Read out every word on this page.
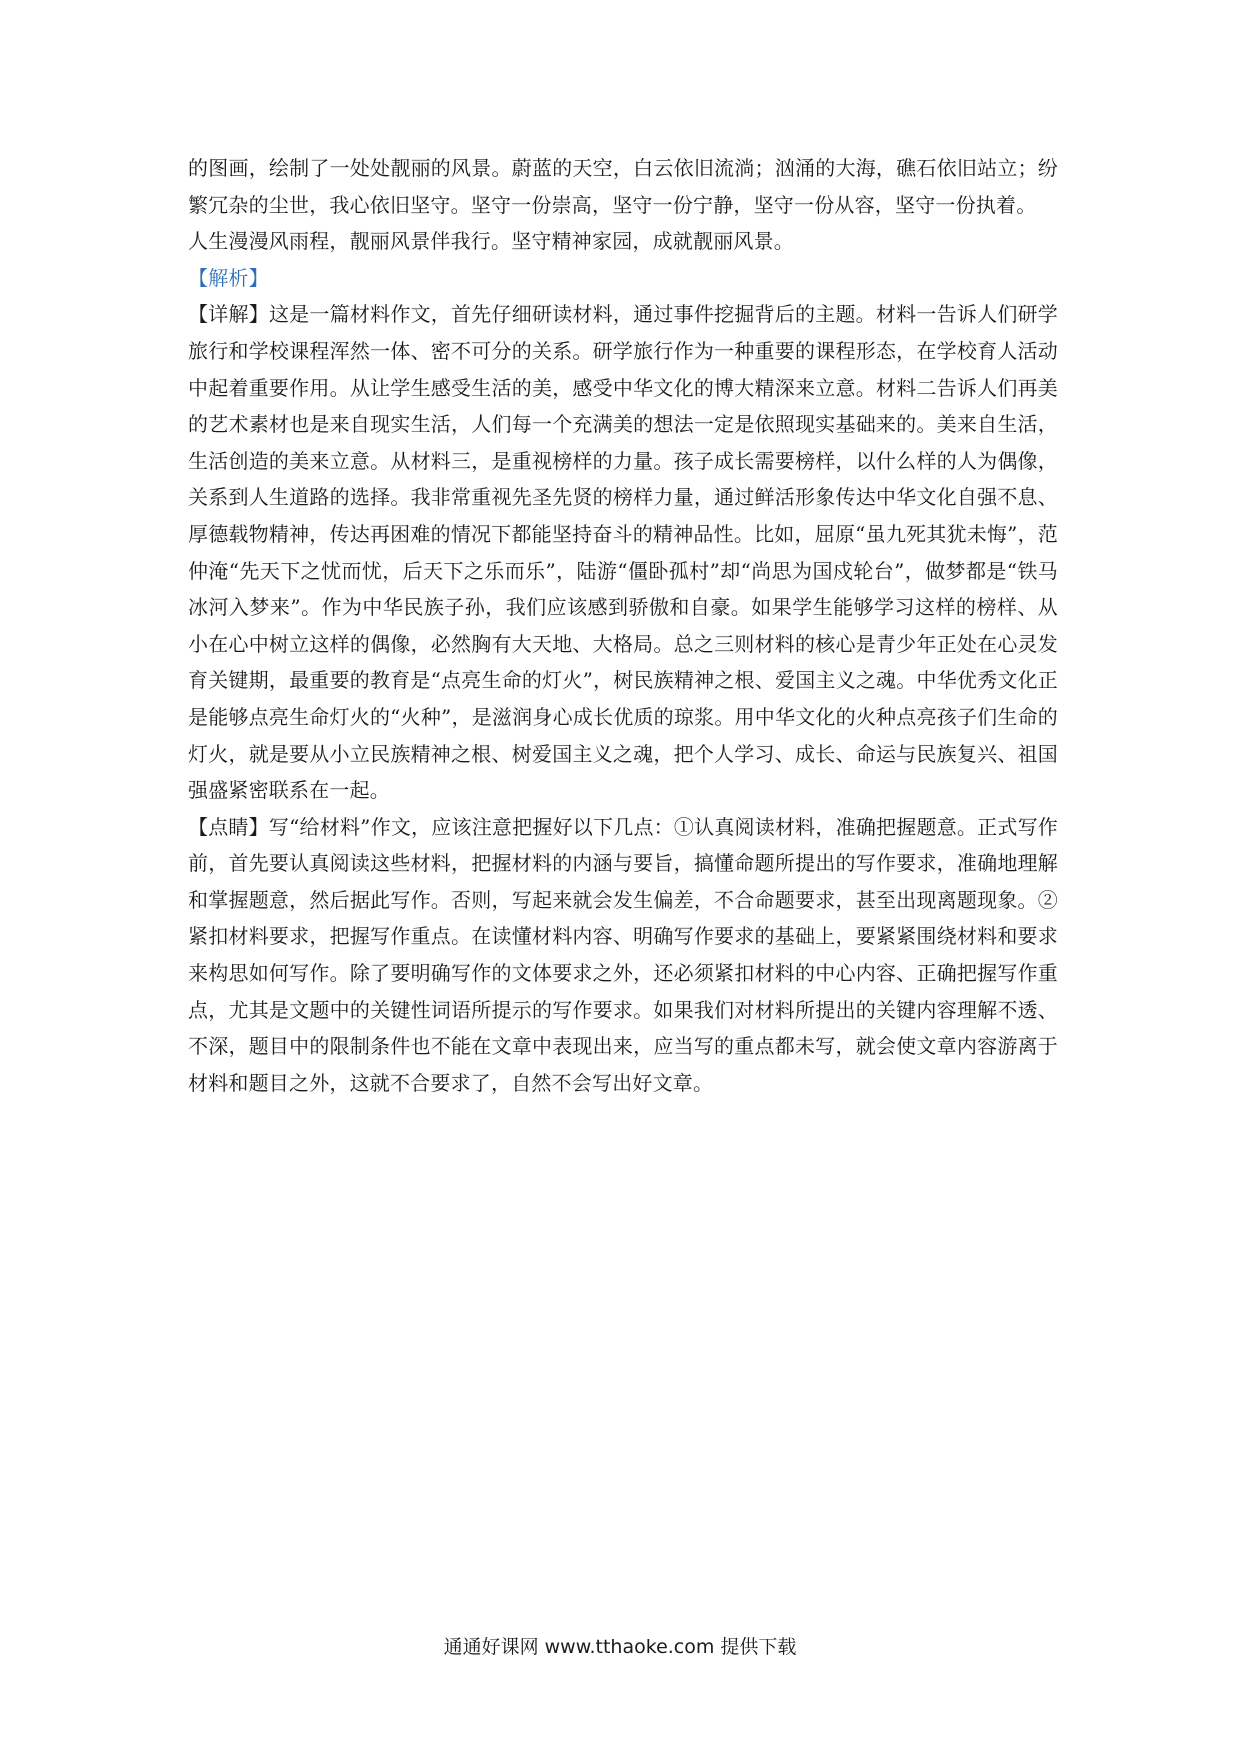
的图画，绘制了一处处靓丽的风景。蔚蓝的天空，白云依旧流淌；汹涌的大海，礁石依旧站立；纷繁冗杂的尘世，我心依旧坚守。坚守一份崇高，坚守一份宁静，坚守一份从容，坚守一份执着。

人生漫漫风雨程，靓丽风景伴我行。坚守精神家园，成就靓丽风景。

【解析】

【详解】这是一篇材料作文，首先仔细研读材料，通过事件挖掘背后的主题。材料一告诉人们研学旅行和学校课程浑然一体、密不可分的关系。研学旅行作为一种重要的课程形态，在学校育人活动中起着重要作用。从让学生感受生活的美，感受中华文化的博大精深来立意。材料二告诉人们再美的艺术素材也是来自现实生活，人们每一个充满美的想法一定是依照现实基础来的。美来自生活，生活创造的美来立意。从材料三，是重视榜样的力量。孩子成长需要榜样，以什么样的人为偶像，关系到人生道路的选择。我非常重视先圣先贤的榜样力量，通过鲜活形象传达中华文化自强不息、厚德载物精神，传达再困难的情况下都能坚持奋斗的精神品性。比如，屈原“虽九死其犹未悔”，范仲淹“先天下之忧而忧，后天下之乐而乐”，陆游“僵卧孤村”却“尚思为国戍轮台”，做梦都是“铁马冰河入梦来”。作为中华民族子孙，我们应该感到骄傲和自豪。如果学生能够学习这样的榜样、从小在心中树立这样的偶像，必然胸有大天地、大格局。总之三则材料的核心是青少年正处在心灵发育关键期，最重要的教育是“点亮生命的灯火”，树民族精神之根、爱国主义之魂。中华优秀文化正是能够点亮生命灯火的“火种”，是滋润身心成长优质的琼浆。用中华文化的火种点亮孩子们生命的灯火，就是要从小立民族精神之根、树爱国主义之魂，把个人学习、成长、命运与民族复兴、祖国强盛紧密联系在一起。

【点睛】写“给材料”作文，应该注意把握好以下几点：①认真阅读材料，准确把握题意。正式写作前，首先要认真阅读这些材料，把握材料的内涵与要旨，搞懂命题所提出的写作要求，准确地理解和掌握题意，然后据此写作。否则，写起来就会发生偏差，不合命题要求，甚至出现离题现象。②紧扣材料要求，把握写作重点。在读懂材料内容、明确写作要求的基础上，要紧紧围绕材料和要求来构思如何写作。除了要明确写作的文体要求之外，还必须紧扣材料的中心内容、正确把握写作重点，尤其是文题中的关键性词语所提示的写作要求。如果我们对材料所提出的关键内容理解不透、不深，题目中的限制条件也不能在文章中表现出来，应当写的重点都未写，就会使文章内容游离于材料和题目之外，这就不合要求了，自然不会写出好文章。

通通好课网 www.tthaoke.com 提供下载
